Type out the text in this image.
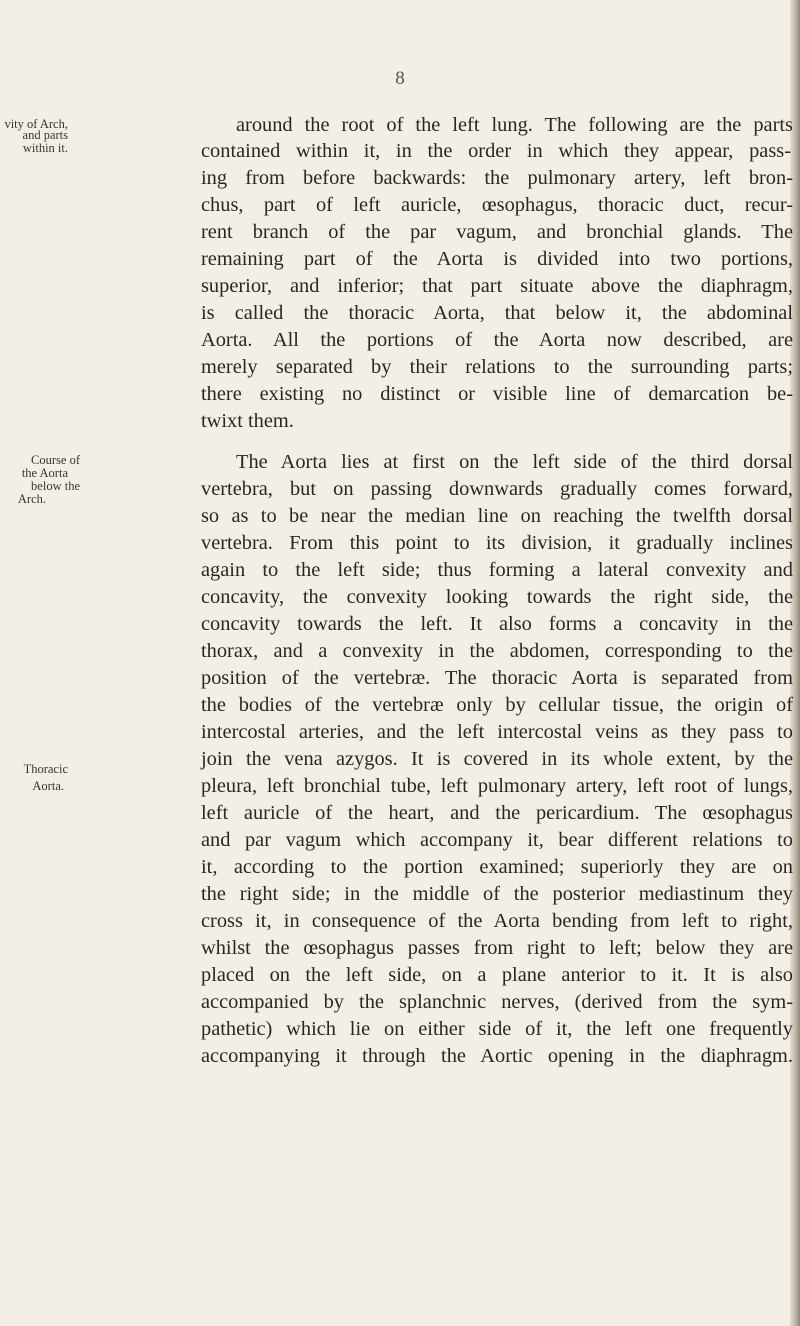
8
vity of Arch,
and parts
within it.
Course of
the Aorta
below the
Arch.
Thoracic
Aorta.
around the root of the left lung. The following are the parts
contained within it, in the order in which they appear, pass-
ing from before backwards: the pulmonary artery, left bron-
chus, part of left auricle, œsophagus, thoracic duct, recur-
rent branch of the par vagum, and bronchial glands. The
remaining part of the Aorta is divided into two portions,
superior, and inferior; that part situate above the diaphragm,
is called the thoracic Aorta, that below it, the abdominal
Aorta. All the portions of the Aorta now described, are
merely separated by their relations to the surrounding parts;
there existing no distinct or visible line of demarcation be-
twixt them.
The Aorta lies at first on the left side of the third dorsal
vertebra, but on passing downwards gradually comes forward,
so as to be near the median line on reaching the twelfth dorsal
vertebra. From this point to its division, it gradually inclines
again to the left side; thus forming a lateral convexity and
concavity, the convexity looking towards the right side, the
concavity towards the left. It also forms a concavity in the
thorax, and a convexity in the abdomen, corresponding to the
position of the vertebræ. The thoracic Aorta is separated from
the bodies of the vertebræ only by cellular tissue, the origin of
intercostal arteries, and the left intercostal veins as they pass to
join the vena azygos. It is covered in its whole extent, by the
pleura, left bronchial tube, left pulmonary artery, left root of lungs,
left auricle of the heart, and the pericardium. The œsophagus
and par vagum which accompany it, bear different relations to
it, according to the portion examined; superiorly they are on
the right side; in the middle of the posterior mediastinum they
cross it, in consequence of the Aorta bending from left to right,
whilst the œsophagus passes from right to left; below they are
placed on the left side, on a plane anterior to it. It is also
accompanied by the splanchnic nerves, (derived from the sym-
pathetic) which lie on either side of it, the left one frequently
accompanying it through the Aortic opening in the diaphragm.
